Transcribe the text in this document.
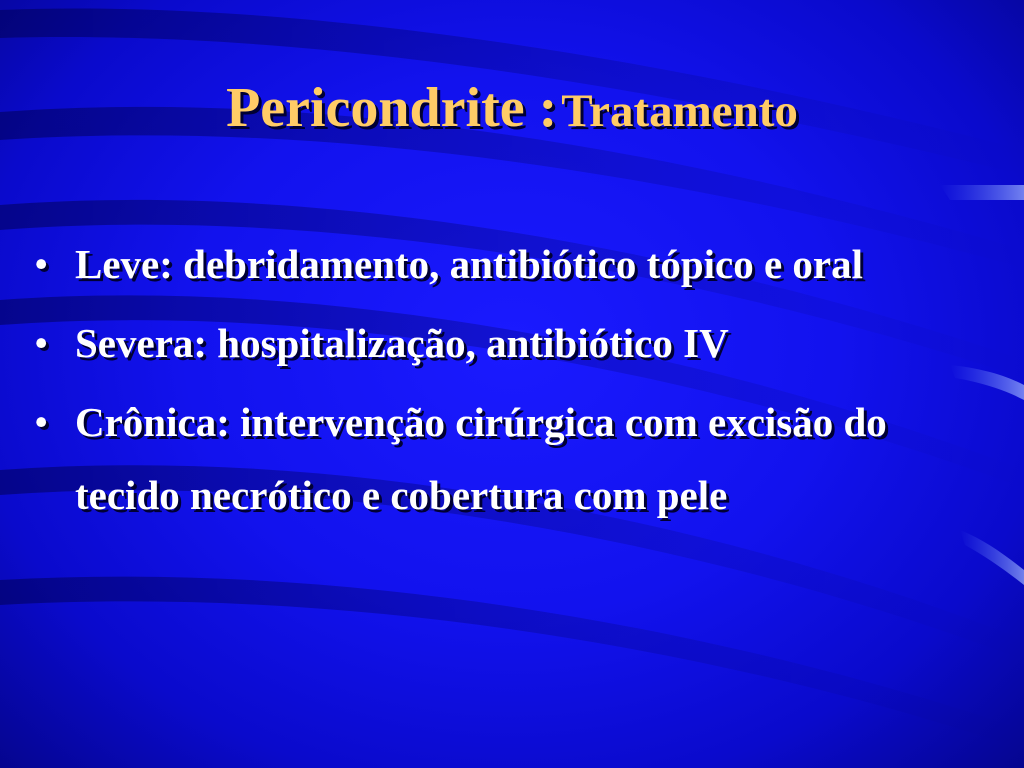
Pericondrite : Tratamento
• Leve: debridamento, antibiótico tópico e oral
• Severa: hospitalização, antibiótico IV
• Crônica: intervenção cirúrgica com excisão do tecido necrótico e cobertura com pele
